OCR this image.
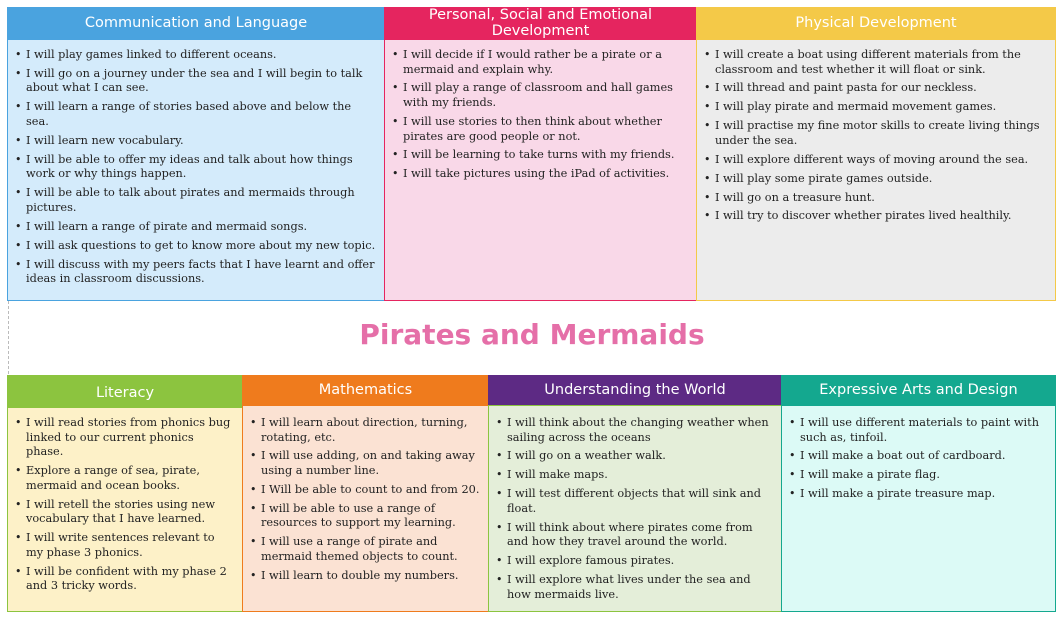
Communication and Language
• I will play games linked to different oceans.
• I will go on a journey under the sea and I will begin to talk about what I can see.
• I will learn a range of stories based above and below the sea.
• I will learn new vocabulary.
• I will be able to offer my ideas and talk about how things work or why things happen.
• I will be able to talk about pirates and mermaids through pictures.
• I will learn a range of pirate and mermaid songs.
• I will ask questions to get to know more about my new topic.
• I will discuss with my peers facts that I have learnt and offer ideas in classroom discussions.
Personal, Social and Emotional Development
• I will decide if I would rather be a pirate or a mermaid and explain why.
• I will play a range of classroom and hall games with my friends.
• I will use stories to then think about whether pirates are good people or not.
• I will be learning to take turns with my friends.
• I will take pictures using the iPad of activities.
Physical Development
• I will create a boat using different materials from the classroom and test whether it will float or sink.
• I will thread and paint pasta for our neckless.
• I will play pirate and mermaid movement games.
• I will practise my fine motor skills to create living things under the sea.
• I will explore different ways of moving around the sea.
• I will play some pirate games outside.
• I will go on a treasure hunt.
• I will try to discover whether pirates lived healthily.
Pirates and Mermaids
Literacy
• I will read stories from phonics bug linked to our current phonics phase.
• Explore a range of sea, pirate, mermaid and ocean books.
• I will retell the stories using new vocabulary that I have learned.
• I will write sentences relevant to my phase 3 phonics.
• I will be confident with my phase 2 and 3 tricky words.
Mathematics
• I will learn about direction, turning, rotating, etc.
• I will use adding, on and taking away using a number line.
• I Will be able to count to and from 20.
• I will be able to use a range of resources to support my learning.
• I will use a range of pirate and mermaid themed objects to count.
• I will learn to double my numbers.
Understanding the World
• I will think about the changing weather when sailing across the oceans
• I will go on a weather walk.
• I will make maps.
• I will test different objects that will sink and float.
• I will think about where pirates come from and how they travel around the world.
• I will explore famous pirates.
• I will explore what lives under the sea and how mermaids live.
Expressive Arts and Design
• I will use different materials to paint with such as, tinfoil.
• I will make a boat out of cardboard.
• I will make a pirate flag.
• I will make a pirate treasure map.
